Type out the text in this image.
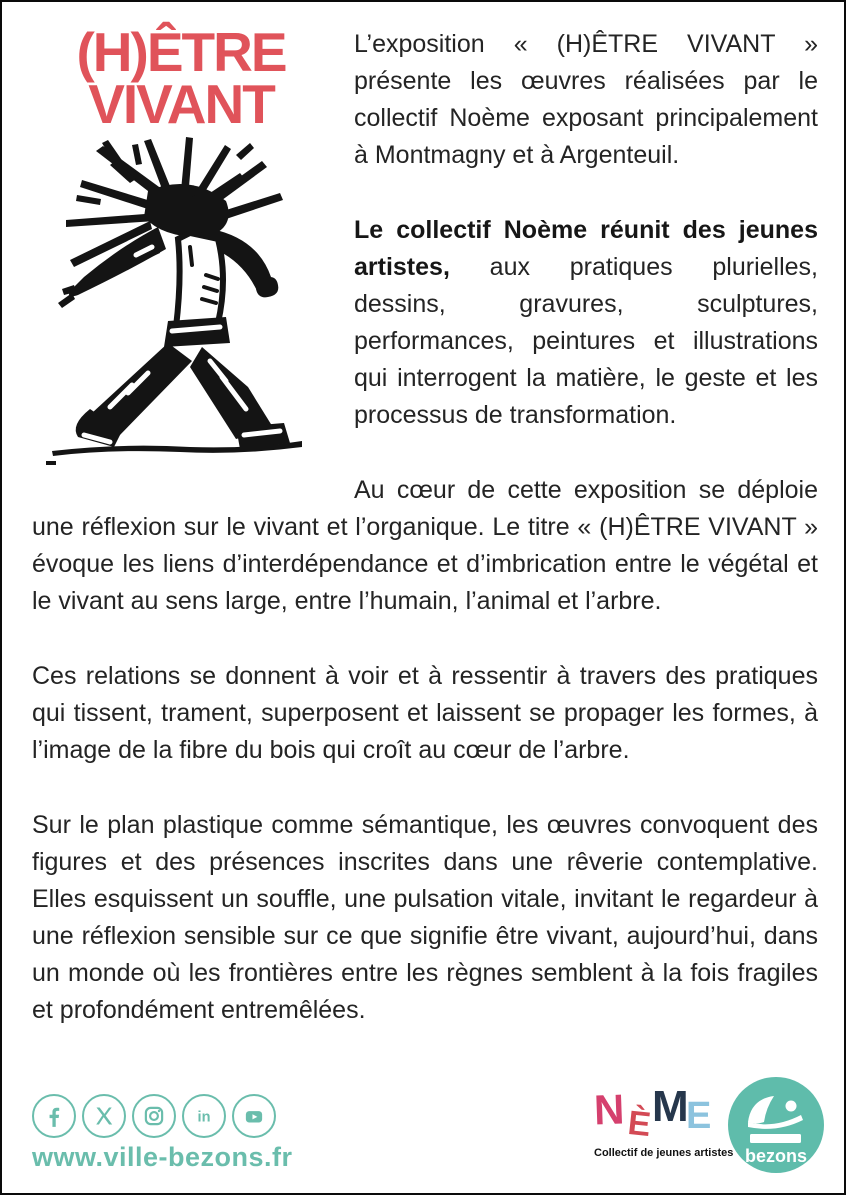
(H)ÊTRE
VIVANT

L’exposition « (H)ÊTRE VIVANT » présente les œuvres réalisées par le collectif Noème exposant principalement à Montmagny et à Argenteuil.

Le collectif Noème réunit des jeunes artistes, aux pratiques plurielles, dessins, gravures, sculptures, performances, peintures et illustrations qui interrogent la matière, le geste et les processus de transformation.

Au cœur de cette exposition se déploie une réflexion sur le vivant et l’organique. Le titre « (H)ÊTRE VIVANT » évoque les liens d’interdépendance et d’imbrication entre le végétal et le vivant au sens large, entre l’humain, l’animal et l’arbre.

Ces relations se donnent à voir et à ressentir à travers des pratiques qui tissent, trament, superposent et laissent se propager les formes, à l’image de la fibre du bois qui croît au cœur de l’arbre.

Sur le plan plastique comme sémantique, les œuvres convoquent des figures et des présences inscrites dans une rêverie contemplative. Elles esquissent un souffle, une pulsation vitale, invitant le regardeur à une réflexion sensible sur ce que signifie être vivant, aujourd’hui, dans un monde où les frontières entre les règnes semblent à la fois fragiles et profondément entremêlées.

in
www.ville-bezons.fr
N È M
E
Collectif de jeunes artistes bezons
